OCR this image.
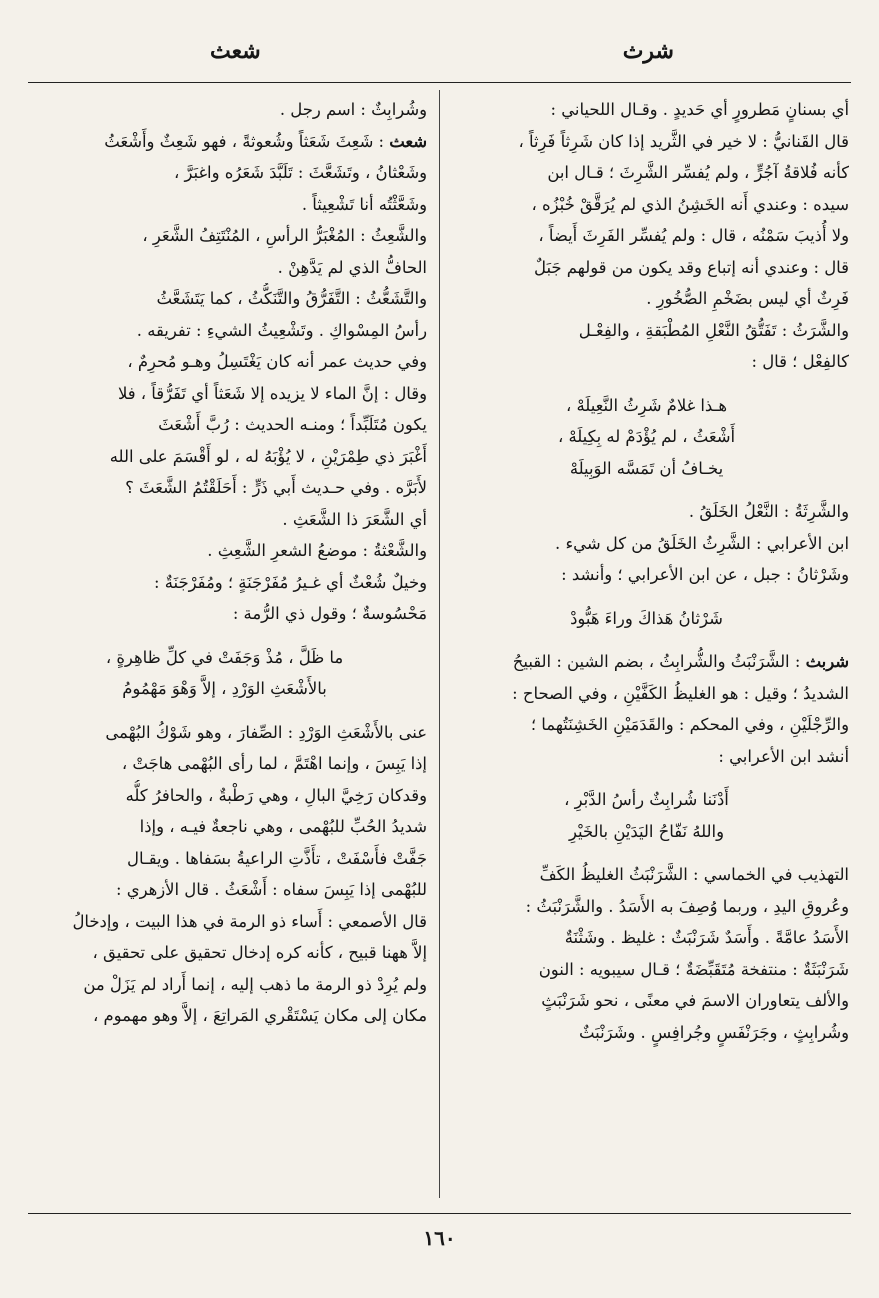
شرث
شعث
أي بسنانٍ مَطرورٍ أي حَديدٍ . وقـال اللحياني :
قال القَنانيُّ : لا خير في الثَّريد إذا كان شَرِثاً فَرِثاً ،
كأنه فُلاقةُ آجُرٍّ ، ولم يُفسِّر الشَّرِثَ ؛ قـال ابن
سيده : وعندي أَنه الخَشِنُ الذي لم يُرَقَّقْ خُبْزُه ،
ولا أُذيبَ سَمْنُه ، قال : ولم يُفسِّر الفَرِثَ أَيضاً ،
قال : وعندي أنه إتباع وقد يكون من قولهم جَبَلٌ
فَرِثٌ أي ليس بضَخْمِ الصُّخُورِ .
والشَّرَثُ : تَفَتُّقُ النَّعْلِ المُطْبَقةِ ، والفِعْـل
كالفِعْل ؛ قال :
هـذا غلامٌ شَرِثُ النَّعِيلَهْ ،
أَشْعَثُ ، لم يُؤْدَمْ له بِكِيلَهْ ،
يخـافُ أن تَمَسَّه الوَبِيلَهْ
والشَّرِثَةُ : النَّعْلُ الخَلَقُ .
ابن الأعرابي : الشَّرِثُ الخَلَقُ من كل شيء .
وشَرْثانُ : جبل ، عن ابن الأعرابي ؛ وأنشد :
شَرْثانُ هَذاكَ وراءَ هَبُّودْ
شربث : الشَّرَنْبَثُ والشُّرابِثُ ، بضم الشين : القبيحُ
الشديدُ ؛ وقيل : هو الغليظُ الكَفَّيْنِ ، وفي الصحاح :
والرِّجْلَيْنِ ، وفي المحكم : والقَدَمَيْنِ الخَشِنَتُهما ؛
أنشد ابن الأعرابي :
أَدْنَنا شُرابِثٌ رأسُ الدَّبْرِ ،
واللهُ نَفّاحُ اليَدَيْنِ بالخَيْرِ
التهذيب في الخماسي : الشَّرَنْبَثُ الغليظُ الكَفِّ
وعُروقِ اليدِ ، وربما وُصِفَ به الأَسَدُ . والشَّرَنْبَثُ :
الأَسَدُ عامَّةً . وأَسَدٌ شَرَنْبَثٌ : غليظ . وشَثْنَةٌ
شَرَنْبَثَةٌ : منتفخة مُتَقَبِّضَةٌ ؛ قـال سيبويه : النون
والألف يتعاوران الاسمَ في معنًى ، نحو شَرَنْبَثٍ
وشُرابِثٍ ، وجَرَنْفَسٍ وجُرافِسٍ . وشَرَنْبَثٌ
وشُرابِثٌ : اسم رجل .
شعث : شَعِثَ شَعَثاً وشُعوثةً ، فهو شَعِثٌ وأَشْعَثُ
وشَعْثانُ ، وتَشَعَّثَ : تَلَبَّدَ شَعَرُه واغبَرَّ ،
وشَعَّثْتُه أنا تَشْعِيثاً .
والشَّعِثُ : المُغْبَرُّ الرأسِ ، المُنْتَتِفُ الشَّعَرِ ،
الحافُّ الذي لم يَدَّهِنْ .
والتَّشَعُّثُ : التَّفَرُّقُ والتَّنَكُّثُ ، كما يَتَشَعَّثُ
رأسُ المِسْواكِ . وتَشْعِيثُ الشيءِ : تفريقه .
وفي حديث عمر أنه كان يَغْتَسِلُ وهـو مُحرِمٌ ،
وقال : إنَّ الماء لا يزيده إلا شَعَثاً أي تَفَرُّقاً ، فلا
يكون مُتَلَبِّداً ؛ ومنـه الحديث : رُبَّ أَشْعَثَ
أَغْبَرَ ذي طِمْرَيْنِ ، لا يُؤْبَهُ له ، لو أَقْسَمَ على الله
لأَبَرَّه . وفي حـديث أَبي ذَرٍّ : أَحَلَقْتُمُ الشَّعَثَ ؟
أي الشَّعَرَ ذا الشَّعَثِ .
والشَّعْثةُ : موضعُ الشعرِ الشَّعِثِ .
وخيلٌ شُعْثٌ أي غـيرُ مُفَرْجَنَةٍ ؛ ومُفَرْجَنَةٌ :
مَحْسُوسةٌ ؛ وقول ذي الرُّمة :
ما ظَلَّ ، مُذْ وَجَفَتْ في كلِّ ظاهِرةٍ ،
بالأَشْعَثِ الوَرْدِ ، إلاَّ وَهْوَ مَهْمُومُ
عنى بالأَشْعَثِ الوَرْدِ : الصِّفارَ ، وهو شَوْكُ البُهْمى
إذا يَبِسَ ، وإنما اهْتَمَّ ، لما رأى البُهْمى هاجَتْ ،
وقدكان رَخِيَّ البالِ ، وهي رَطْبةٌ ، والحافرُ كلُّه
شديدُ الحُبِّ للبُهْمى ، وهي ناجعةٌ فيـه ، وإذا
جَفَّتْ فأَسْفَتْ ، تأَذَّتِ الراعيةُ بسَفاها . ويقـال
للبُهْمى إذا يَبِسَ سفاه : أَشْعَثُ . قال الأزهري :
قال الأصمعي : أَساء ذو الرمة في هذا البيت ، وإدخالُ
إلاَّ ههنا قبيح ، كأنه كره إدخال تحقيق على تحقيق ،
ولم يُرِدْ ذو الرمة ما ذهب إليه ، إنما أَراد لم يَزَلْ من
مكان إلى مكان يَسْتَقْري المَراتِعَ ، إلاَّ وهو مهموم ،
١٦٠
